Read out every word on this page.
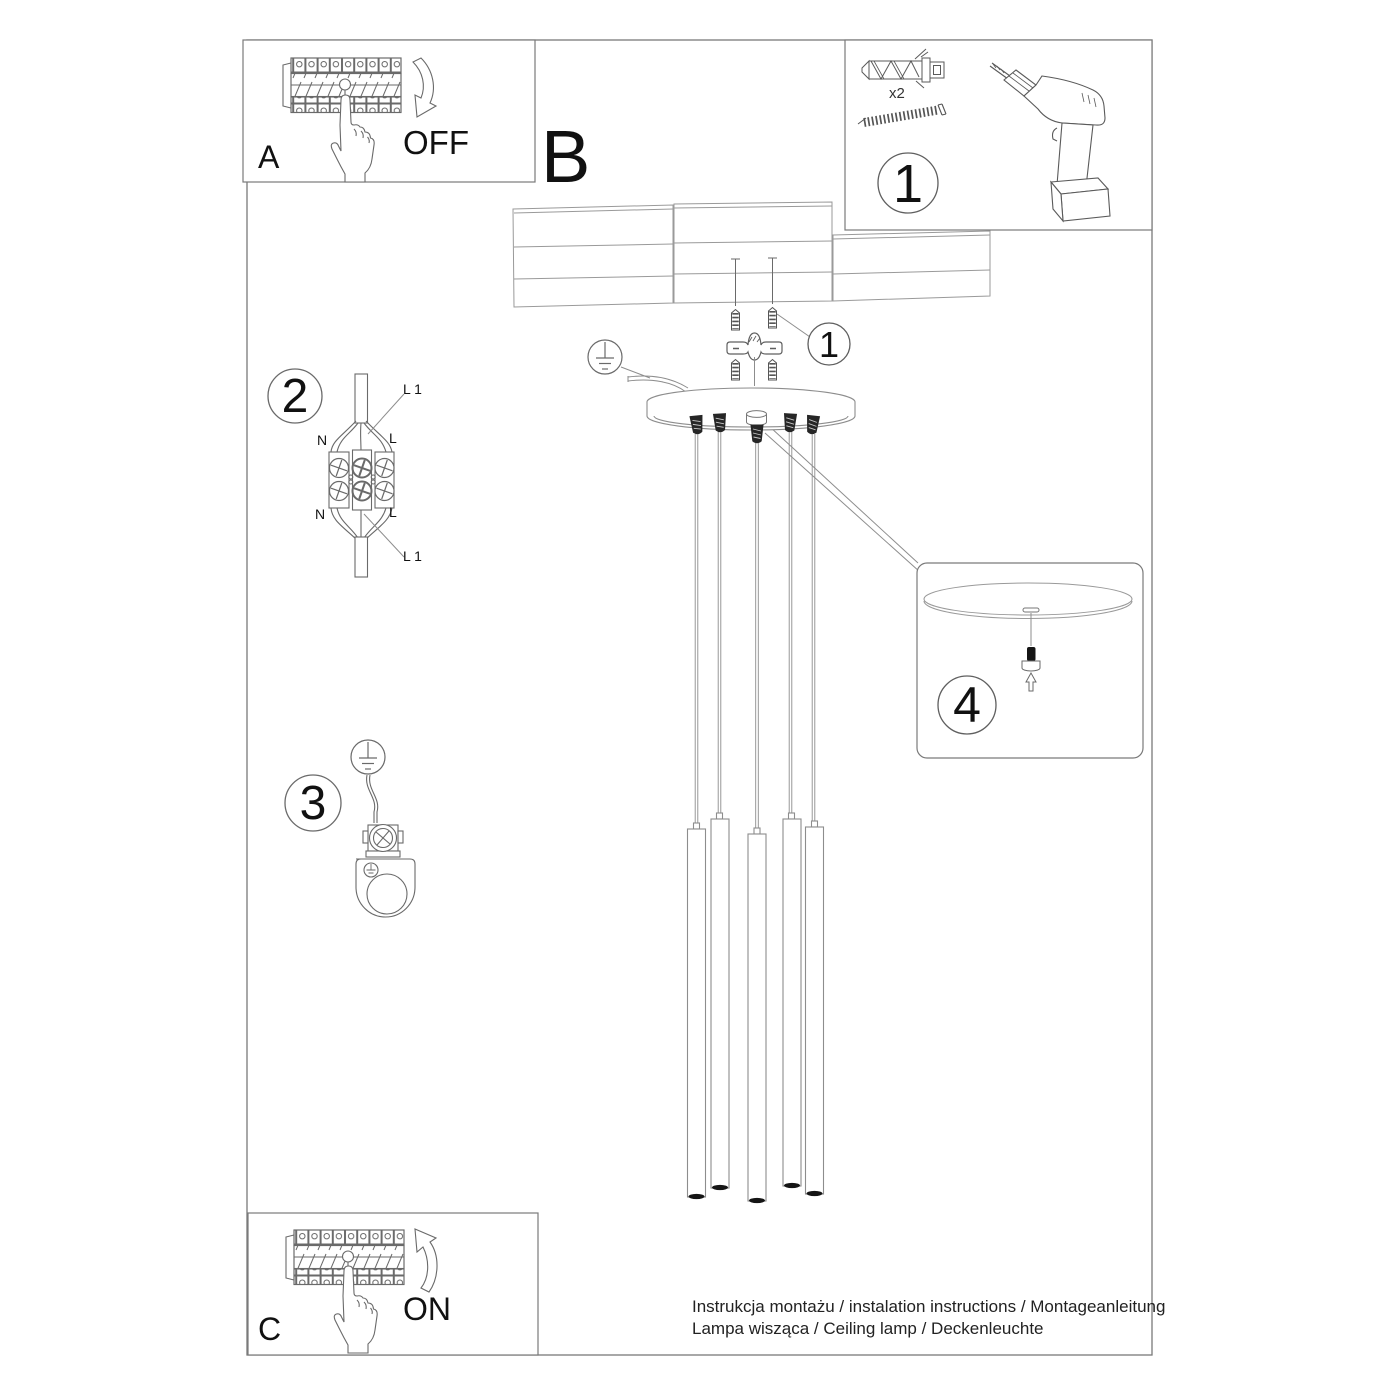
A	OFF B	1
x2
1
2
3
4
L 1
N	L
N	L
L 1
C
ON	Instrukcja montażu / instalation instructions / Montageanleitung
Lampa wisząca / Ceiling lamp / Deckenleuchte
